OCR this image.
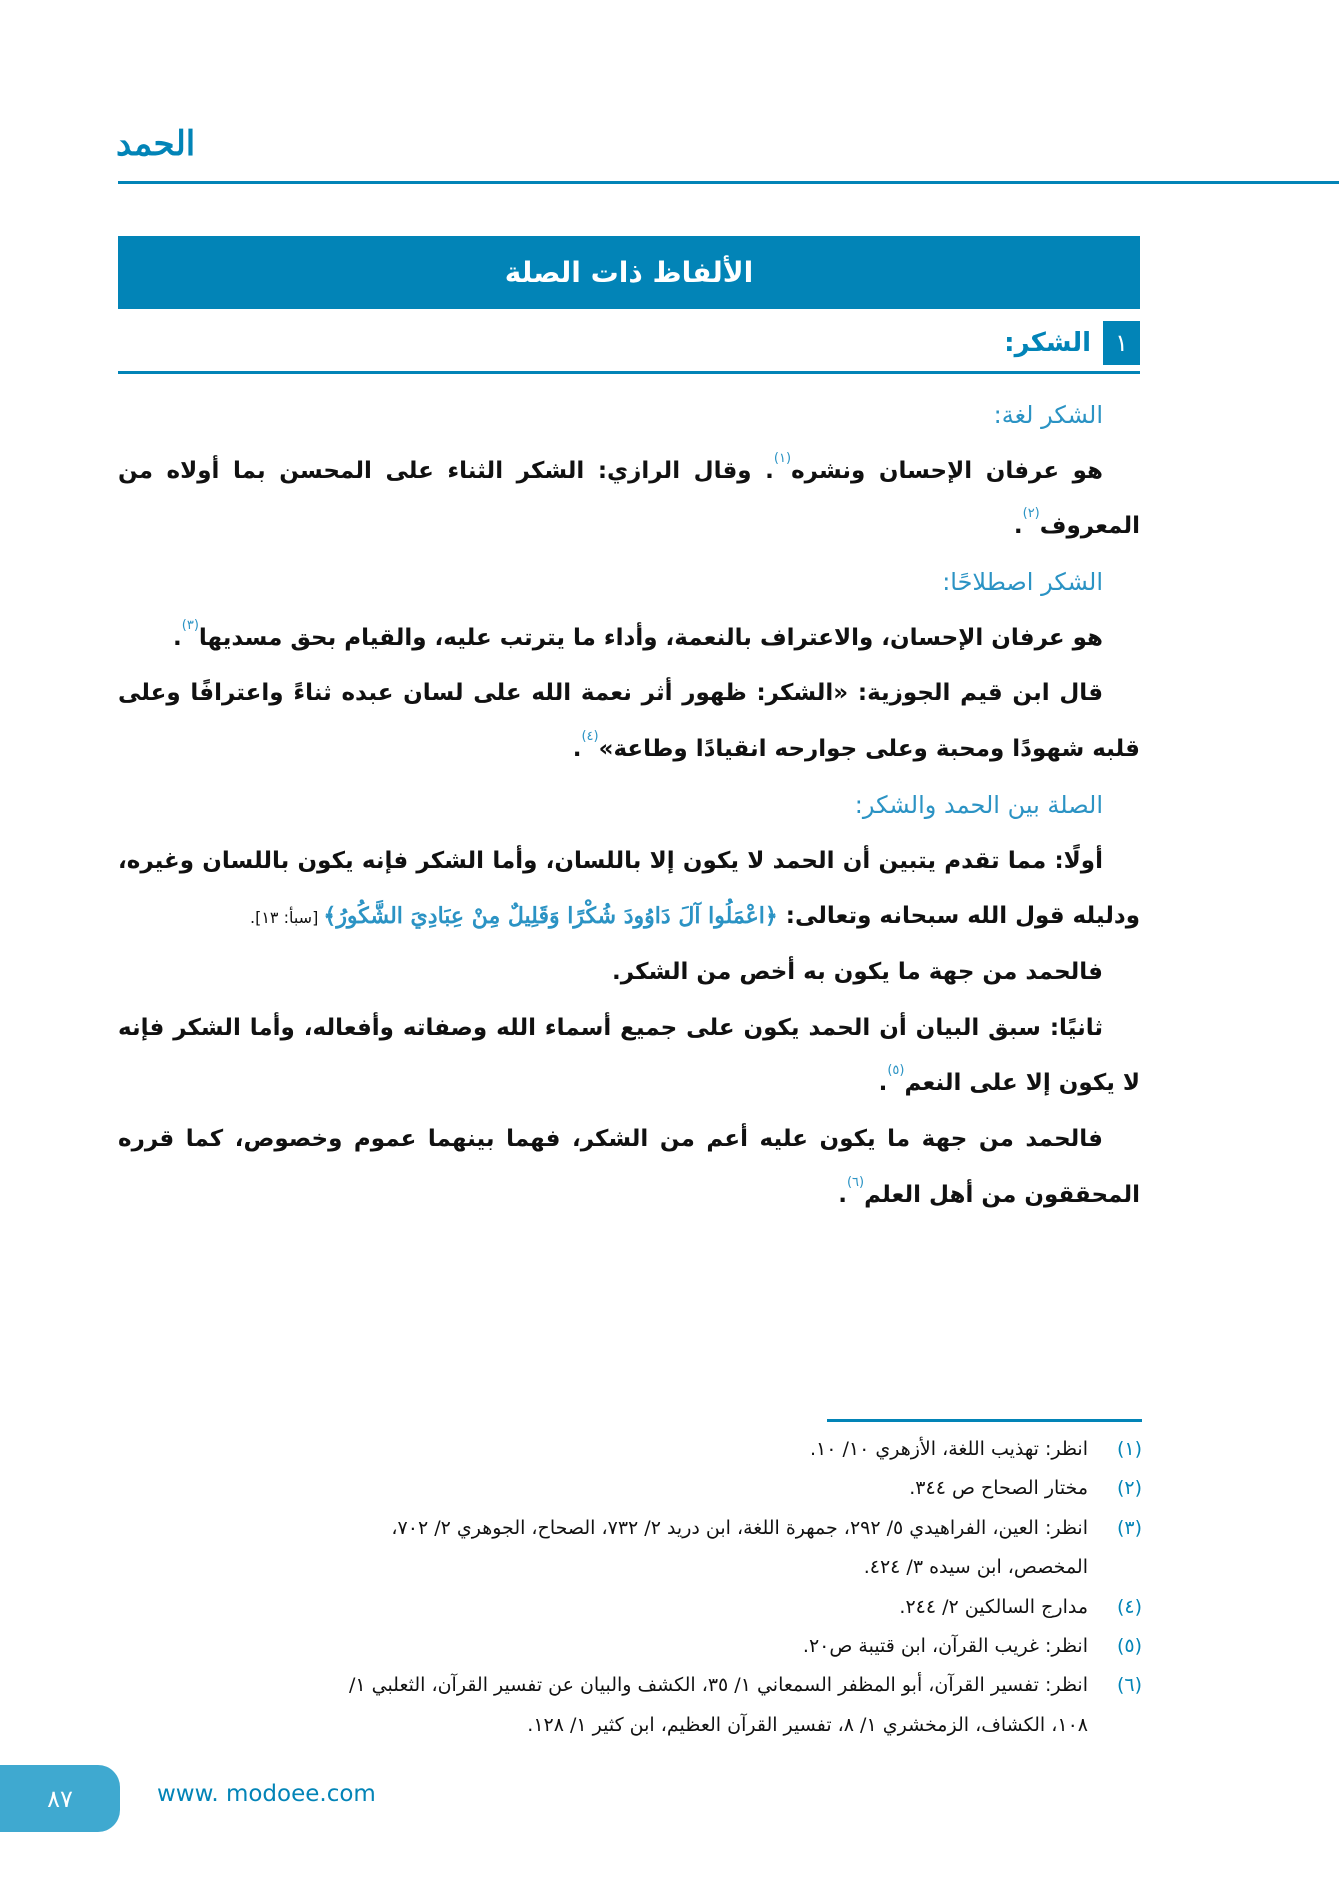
الحمد
الألفاظ ذات الصلة
١
الشكر:
الشكر لغة:
هو عرفان الإحسان ونشره$^{(١)}$. وقال الرازي: الشكر الثناء على المحسن بما أولاه من
المعروف$^{(٢)}$.
الشكر اصطلاحًا:
هو عرفان الإحسان، والاعتراف بالنعمة، وأداء ما يترتب عليه، والقيام بحق مسديها$^{(٣)}$.
قال ابن قيم الجوزية: «الشكر: ظهور أثر نعمة الله على لسان عبده ثناءً واعترافًا وعلى
قلبه شهودًا ومحبة وعلى جوارحه انقيادًا وطاعة»$^{(٤)}$.
الصلة بين الحمد والشكر:
أولًا: مما تقدم يتبين أن الحمد لا يكون إلا باللسان، وأما الشكر فإنه يكون باللسان وغيره،
ودليله قول الله سبحانه وتعالى: ﴿اعْمَلُوا آلَ دَاوُودَ شُكْرًا وَقَلِيلٌ مِنْ عِبَادِيَ الشَّكُورُ﴾ [سبأ: ١٣].
فالحمد من جهة ما يكون به أخص من الشكر.
ثانيًا: سبق البيان أن الحمد يكون على جميع أسماء الله وصفاته وأفعاله، وأما الشكر فإنه
لا يكون إلا على النعم$^{(٥)}$.
فالحمد من جهة ما يكون عليه أعم من الشكر، فهما بينهما عموم وخصوص، كما قرره
المحققون من أهل العلم$^{(٦)}$.
(١)
انظر: تهذيب اللغة، الأزهري ١٠/ ١٠.
(٢)
مختار الصحاح ص ٣٤٤.
(٣)
انظر: العين، الفراهيدي ٥/ ٢٩٢، جمهرة اللغة، ابن دريد ٢/ ٧٣٢، الصحاح، الجوهري ٢/ ٧٠٢،
المخصص، ابن سيده ٣/ ٤٢٤.
(٤)
مدارج السالكين ٢/ ٢٤٤.
(٥)
انظر: غريب القرآن، ابن قتيبة ص٢٠.
(٦)
انظر: تفسير القرآن، أبو المظفر السمعاني ١/ ٣٥، الكشف والبيان عن تفسير القرآن، الثعلبي ١/
١٠٨، الكشاف، الزمخشري ١/ ٨، تفسير القرآن العظيم، ابن كثير ١/ ١٢٨.
٨٧	www. modoee.com
